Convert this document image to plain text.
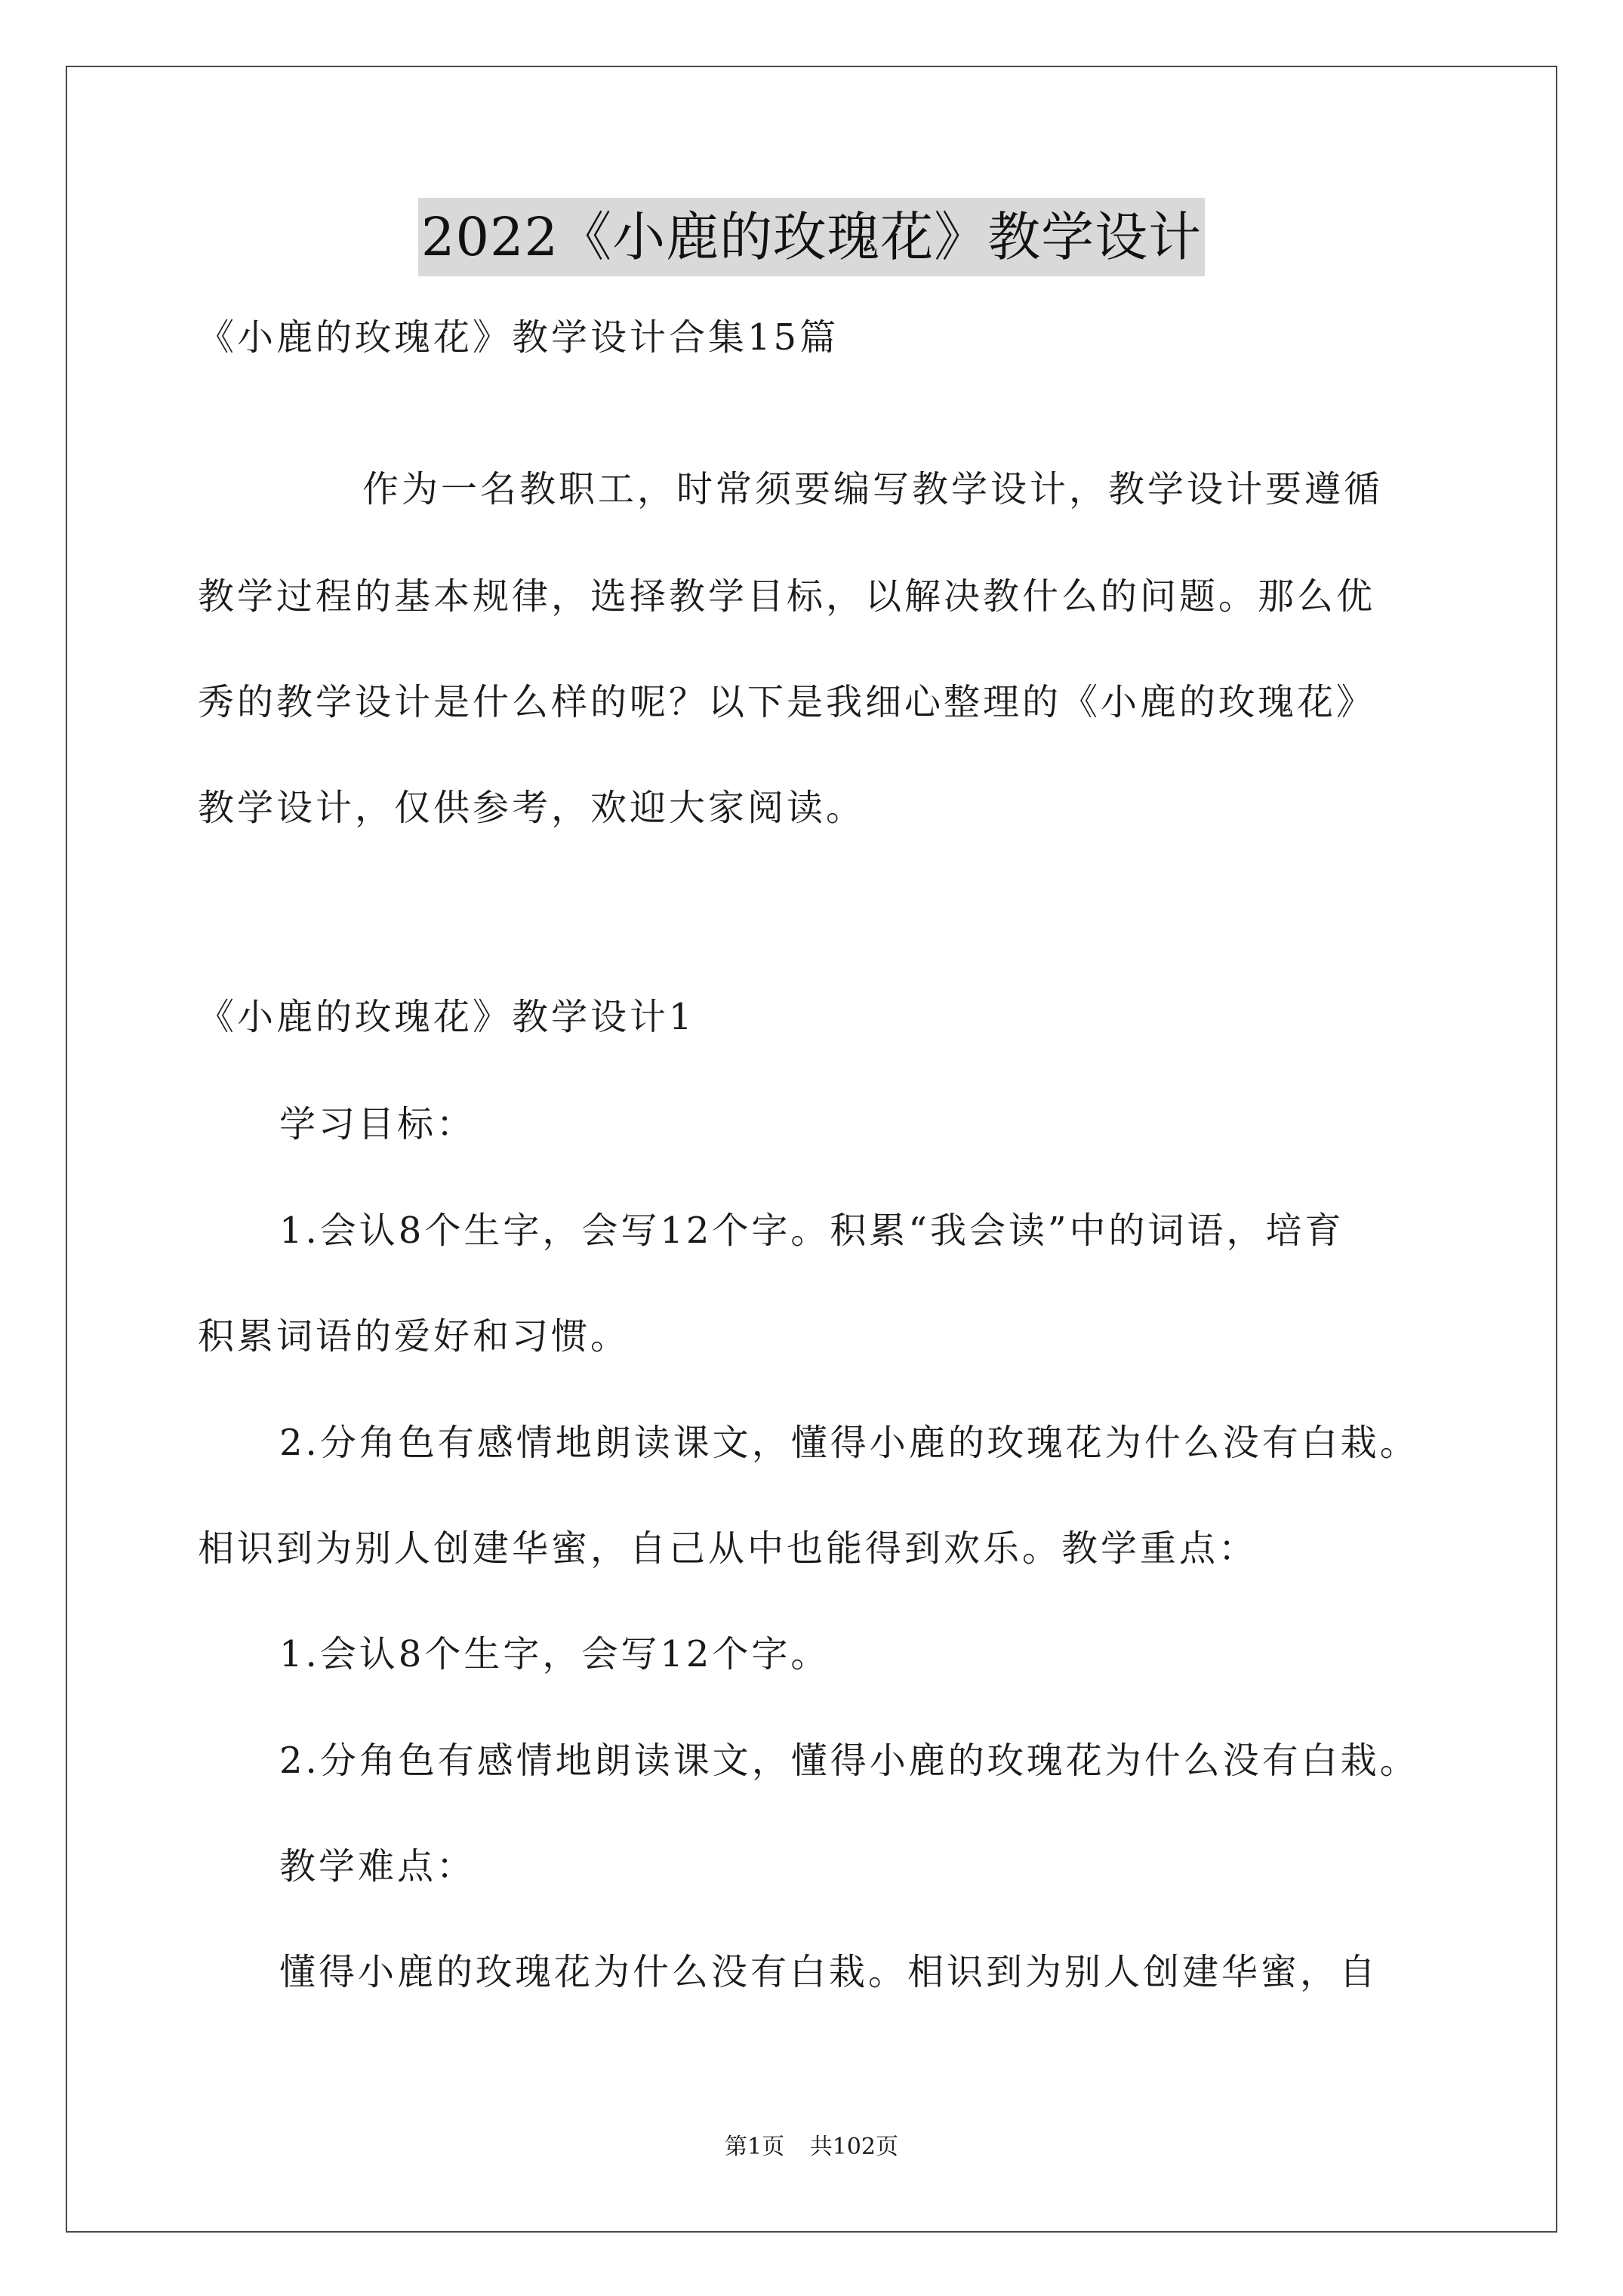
2022《小鹿的玫瑰花》教学设计
《小鹿的玫瑰花》教学设计合集15篇
作为一名教职工，时常须要编写教学设计，教学设计要遵循
教学过程的基本规律，选择教学目标，以解决教什么的问题。那么优
秀的教学设计是什么样的呢？以下是我细心整理的《小鹿的玫瑰花》
教学设计，仅供参考，欢迎大家阅读。
《小鹿的玫瑰花》教学设计1
学习目标：
1.会认8个生字，会写12个字。积累“我会读”中的词语，培育
积累词语的爱好和习惯。
2.分角色有感情地朗读课文，懂得小鹿的玫瑰花为什么没有白栽。
相识到为别人创建华蜜，自己从中也能得到欢乐。教学重点：
1.会认8个生字，会写12个字。
2.分角色有感情地朗读课文，懂得小鹿的玫瑰花为什么没有白栽。
教学难点：
懂得小鹿的玫瑰花为什么没有白栽。相识到为别人创建华蜜，自
第1页 共102页
